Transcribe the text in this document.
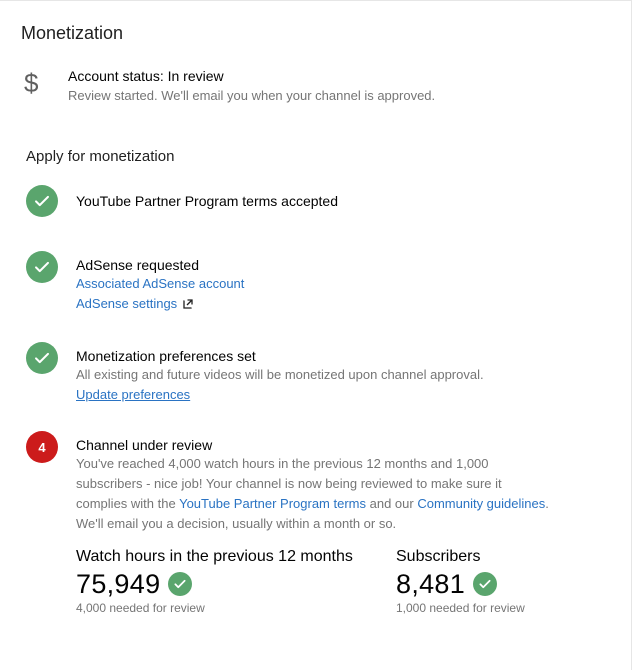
Monetization
$ Account status: In review
Review started. We'll email you when your channel is approved.
Apply for monetization
YouTube Partner Program terms accepted
AdSense requested
Associated AdSense account
AdSense settings
Monetization preferences set
All existing and future videos will be monetized upon channel approval.
Update preferences
4	Channel under review
You've reached 4,000 watch hours in the previous 12 months and 1,000
subscribers - nice job! Your channel is now being reviewed to make sure it
complies with the YouTube Partner Program terms and our Community guidelines.
We'll email you a decision, usually within a month or so.
Watch hours in the previous 12 months
75,949
4,000 needed for review
Subscribers
8,481
1,000 needed for review
